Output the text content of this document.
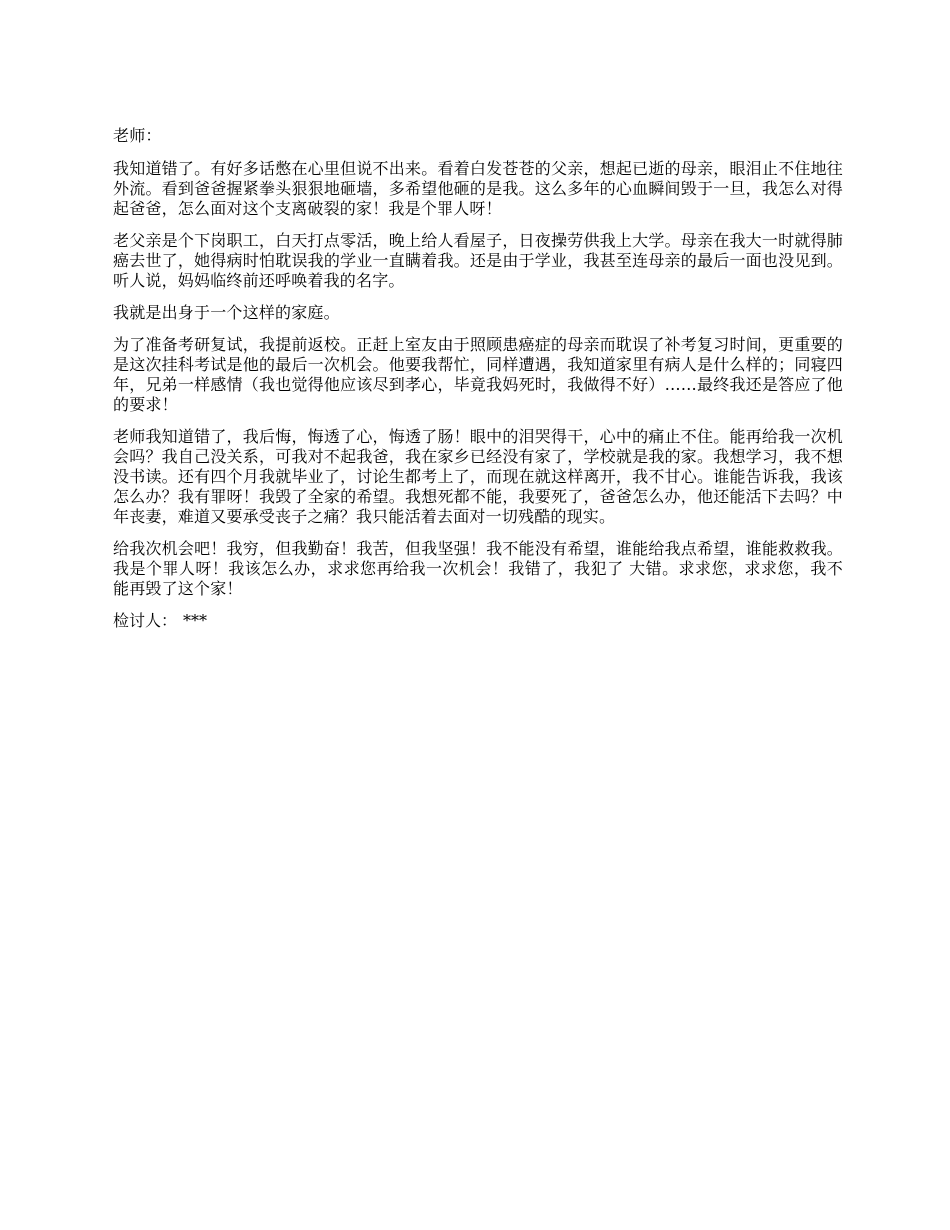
老师：

我知道错了。有好多话憋在心里但说不出来。看着白发苍苍的父亲，想起已逝的母亲，眼泪止不住地往外流。看到爸爸握紧拳头狠狠地砸墙，多希望他砸的是我。这么多年的心血瞬间毁于一旦，我怎么对得起爸爸，怎么面对这个支离破裂的家！我是个罪人呀！

老父亲是个下岗职工，白天打点零活，晚上给人看屋子，日夜操劳供我上大学。母亲在我大一时就得肺癌去世了，她得病时怕耽误我的学业一直瞒着我。还是由于学业，我甚至连母亲的最后一面也没见到。听人说，妈妈临终前还呼唤着我的名字。

我就是出身于一个这样的家庭。

为了准备考研复试，我提前返校。正赶上室友由于照顾患癌症的母亲而耽误了补考复习时间，更重要的是这次挂科考试是他的最后一次机会。他要我帮忙，同样遭遇，我知道家里有病人是什么样的；同寝四年，兄弟一样感情（我也觉得他应该尽到孝心，毕竟我妈死时，我做得不好）……最终我还是答应了他的要求！

老师我知道错了，我后悔，悔透了心，悔透了肠！眼中的泪哭得干，心中的痛止不住。能再给我一次机会吗？我自己没关系，可我对不起我爸，我在家乡已经没有家了，学校就是我的家。我想学习，我不想没书读。还有四个月我就毕业了，讨论生都考上了，而现在就这样离开，我不甘心。谁能告诉我，我该怎么办？我有罪呀！我毁了全家的希望。我想死都不能，我要死了，爸爸怎么办，他还能活下去吗？中年丧妻，难道又要承受丧子之痛？我只能活着去面对一切残酷的现实。

给我次机会吧！我穷，但我勤奋！我苦，但我坚强！我不能没有希望，谁能给我点希望，谁能救救我。我是个罪人呀！我该怎么办，求求您再给我一次机会！我错了，我犯了 大错。求求您，求求您，我不能再毁了这个家！

检讨人： ***
